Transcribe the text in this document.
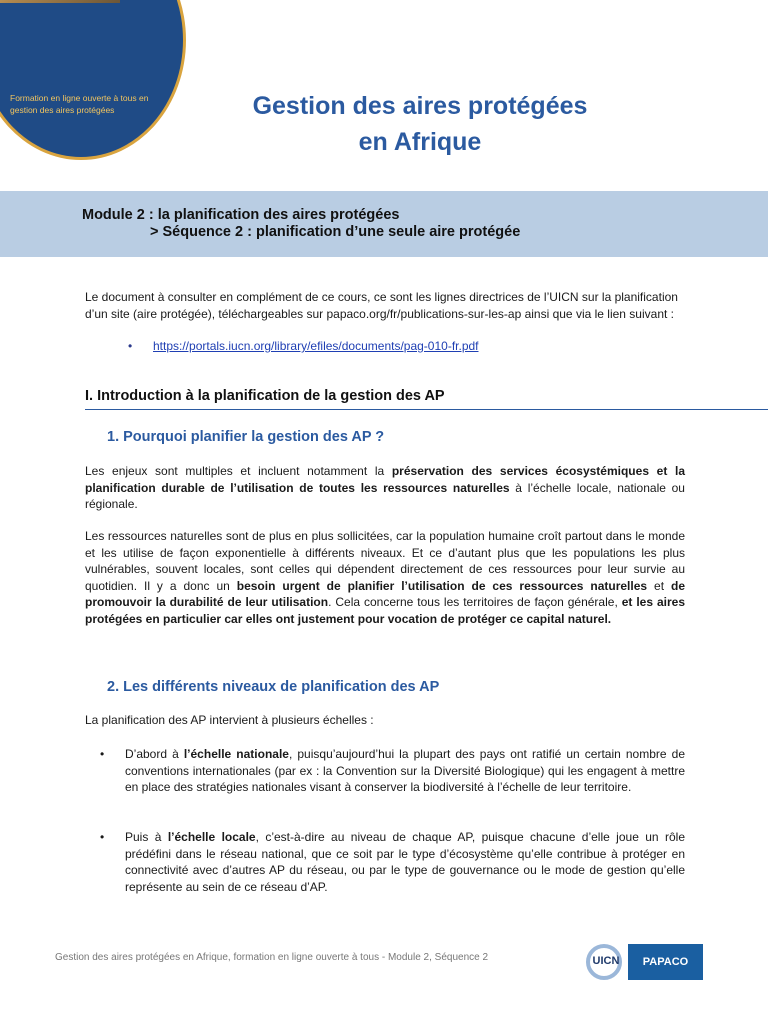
Formation en ligne ouverte à tous en gestion des aires protégées	Gestion des aires protégées
en Afrique
Module 2 : la planification des aires protégées
> Séquence 2 : planification d’une seule aire protégée
Le document à consulter en complément de ce cours, ce sont les lignes directrices de l’UICN sur la planification d’un site (aire protégée), téléchargeables sur papaco.org/fr/publications-sur-les-ap ainsi que via le lien suivant :
• https://portals.iucn.org/library/efiles/documents/pag-010-fr.pdf
I. Introduction à la planification de la gestion des AP
1. Pourquoi planifier la gestion des AP ?
Les enjeux sont multiples et incluent notamment la préservation des services écosystémiques et la planification durable de l’utilisation de toutes les ressources naturelles à l’échelle locale, nationale ou régionale.
Les ressources naturelles sont de plus en plus sollicitées, car la population humaine croît partout dans le monde et les utilise de façon exponentielle à différents niveaux. Et ce d’autant plus que les populations les plus vulnérables, souvent locales, sont celles qui dépendent directement de ces ressources pour leur survie au quotidien. Il y a donc un besoin urgent de planifier l’utilisation de ces ressources naturelles et de promouvoir la durabilité de leur utilisation. Cela concerne tous les territoires de façon générale, et les aires protégées en particulier car elles ont justement pour vocation de protéger ce capital naturel.
2. Les différents niveaux de planification des AP
La planification des AP intervient à plusieurs échelles :
• D’abord à l’échelle nationale, puisqu’aujourd’hui la plupart des pays ont ratifié un certain nombre de conventions internationales (par ex : la Convention sur la Diversité Biologique) qui les engagent à mettre en place des stratégies nationales visant à conserver la biodiversité à l’échelle de leur territoire.
• Puis à l’échelle locale, c’est-à-dire au niveau de chaque AP, puisque chacune d’elle joue un rôle prédéfini dans le réseau national, que ce soit par le type d’écosystème qu’elle contribue à protéger en connectivité avec d’autres AP du réseau, ou par le type de gouvernance ou le mode de gestion qu’elle représente au sein de ce réseau d’AP.
Gestion des aires protégées en Afrique, formation en ligne ouverte à tous - Module 2, Séquence 2	UICN	PAPACO
